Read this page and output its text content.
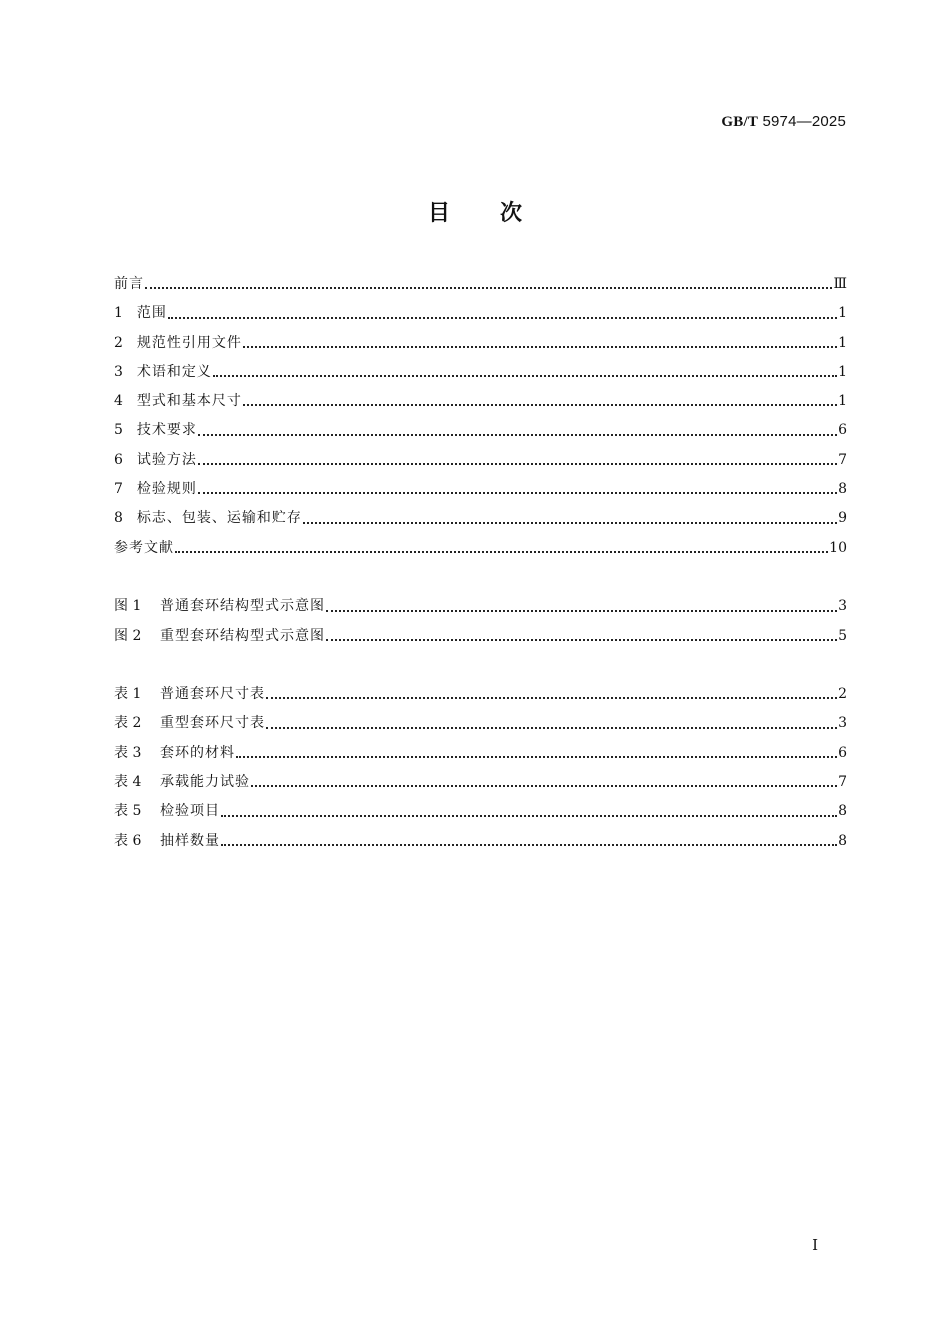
GB/T 5974—2025
目次
前言	Ⅲ
1 范围	1
2 规范性引用文件	1
3 术语和定义	1
4 型式和基本尺寸	1
5 技术要求	6
6 试验方法	7
7 检验规则	8
8 标志、包装、运输和贮存	9
参考文献	10
图 1	普通套环结构型式示意图	3
图 2	重型套环结构型式示意图	5
表 1	普通套环尺寸表	2
表 2	重型套环尺寸表	3
表 3	套环的材料	6
表 4	承载能力试验	7
表 5	检验项目	8
表 6	抽样数量	8
Ⅰ
